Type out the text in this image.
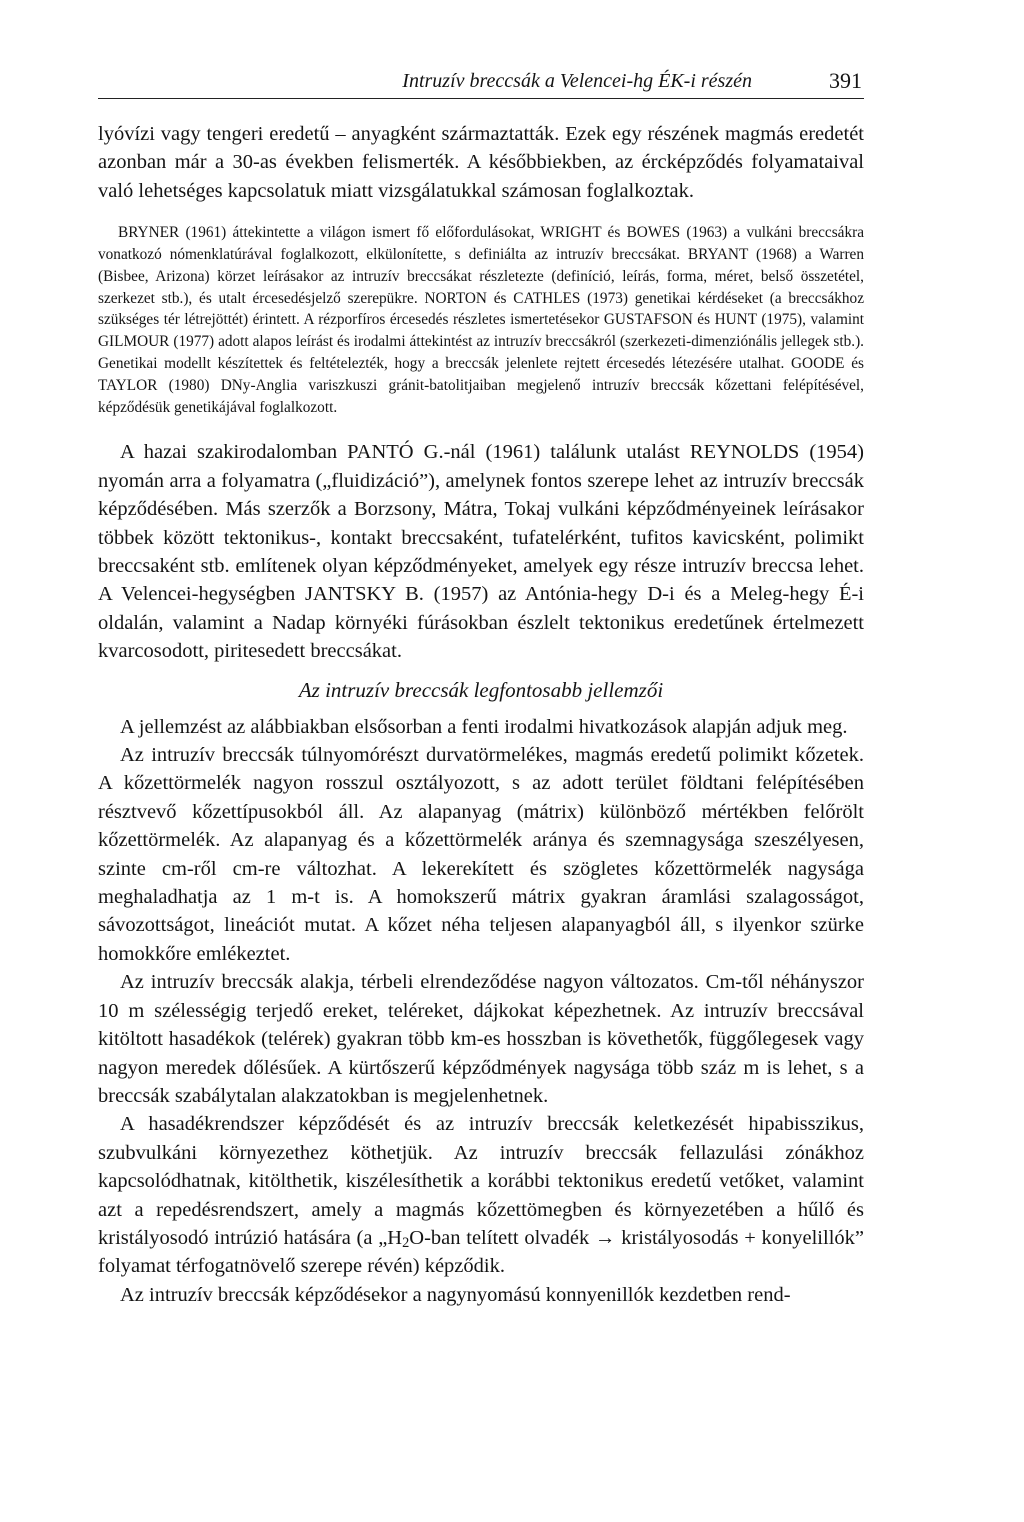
Intruzív breccsák a Velencei-hg ÉK-i részén	391

lyóvízi vagy tengeri eredetű – anyagként származtatták. Ezek egy részének magmás eredetét azonban már a 30-as években felismerték. A későbbiekben, az ércképződés folyamataival való lehetséges kapcsolatuk miatt vizsgálatukkal számosan foglalkoztak.

BRYNER (1961) áttekintette a világon ismert fő előfordulásokat, WRIGHT és BOWES (1963) a vulkáni breccsákra vonatkozó nómenklatúrával foglalkozott, elkülonítette, s definiálta az intruzív breccsákat. BRYANT (1968) a Warren (Bisbee, Arizona) körzet leírásakor az intruzív breccsákat részletezte (definíció, leírás, forma, méret, belső összetétel, szerkezet stb.), és utalt ércesedésjelző szerepükre. NORTON és CATHLES (1973) genetikai kérdéseket (a breccsákhoz szükséges tér létrejöttét) érintett. A rézporfíros ércesedés részletes ismertetésekor GUSTAFSON és HUNT (1975), valamint GILMOUR (1977) adott alapos leírást és irodalmi áttekintést az intruzív breccsákról (szerkezeti-dimenziónális jellegek stb.). Genetikai modellt készítettek és feltételezték, hogy a breccsák jelenlete rejtett ércesedés létezésére utalhat. GOODE és TAYLOR (1980) DNy-Anglia variszkuszi gránit-batolitjaiban megjelenő intruzív breccsák kőzettani felépítésével, képződésük genetikájával foglalkozott.

A hazai szakirodalomban PANTÓ G.-nál (1961) találunk utalást REYNOLDS (1954) nyomán arra a folyamatra („fluidizáció”), amelynek fontos szerepe lehet az intruzív breccsák képződésében. Más szerzők a Borzsony, Mátra, Tokaj vulkáni képződményeinek leírásakor többek között tektonikus-, kontakt breccsaként, tufatelérként, tufitos kavicsként, polimikt breccsaként stb. említenek olyan képződményeket, amelyek egy része intruzív breccsa lehet. A Velencei-hegységben JANTSKY B. (1957) az Antónia-hegy D-i és a Meleg-hegy É-i oldalán, valamint a Nadap környéki fúrásokban észlelt tektonikus eredetűnek értelmezett kvarcosodott, piritesedett breccsákat.

Az intruzív breccsák legfontosabb jellemzői

A jellemzést az alábbiakban elsősorban a fenti irodalmi hivatkozások alapján adjuk meg.

Az intruzív breccsák túlnyomórészt durvatörmelékes, magmás eredetű polimikt kőzetek. A kőzettörmelék nagyon rosszul osztályozott, s az adott terület földtani felépítésében résztvevő kőzettípusokból áll. Az alapanyag (mátrix) különböző mértékben felőrölt kőzettörmelék. Az alapanyag és a kőzettörmelék aránya és szemnagysága szeszélyesen, szinte cm-ről cm-re változhat. A lekerekített és szögletes kőzettörmelék nagysága meghaladhatja az 1 m-t is. A homokszerű mátrix gyakran áramlási szalagosságot, sávozottságot, lineációt mutat. A kőzet néha teljesen alapanyagból áll, s ilyenkor szürke homokkőre emlékeztet.

Az intruzív breccsák alakja, térbeli elrendeződése nagyon változatos. Cm-től néhányszor 10 m szélességig terjedő ereket, teléreket, dájkokat képezhetnek. Az intruzív breccsával kitöltott hasadékok (telérek) gyakran több km-es hosszban is követhetők, függőlegesek vagy nagyon meredek dőlésűek. A kürtőszerű képződmények nagysága több száz m is lehet, s a breccsák szabálytalan alakzatokban is megjelenhetnek.

A hasadékrendszer képződését és az intruzív breccsák keletkezését hipabisszikus, szubvulkáni környezethez köthetjük. Az intruzív breccsák fellazulási zónákhoz kapcsolódhatnak, kitölthetik, kiszélesíthetik a korábbi tektonikus eredetű vetőket, valamint azt a repedésrendszert, amely a magmás kőzettömegben és környezetében a hűlő és kristályosodó intrúzió hatására (a $„H_2O$-ban telített olvadék → kristályosodás + konyelillók” folyamat térfogatnövelő szerepe révén) képződik.

Az intruzív breccsák képződésekor a nagynyomású konnyenillók kezdetben rend-
